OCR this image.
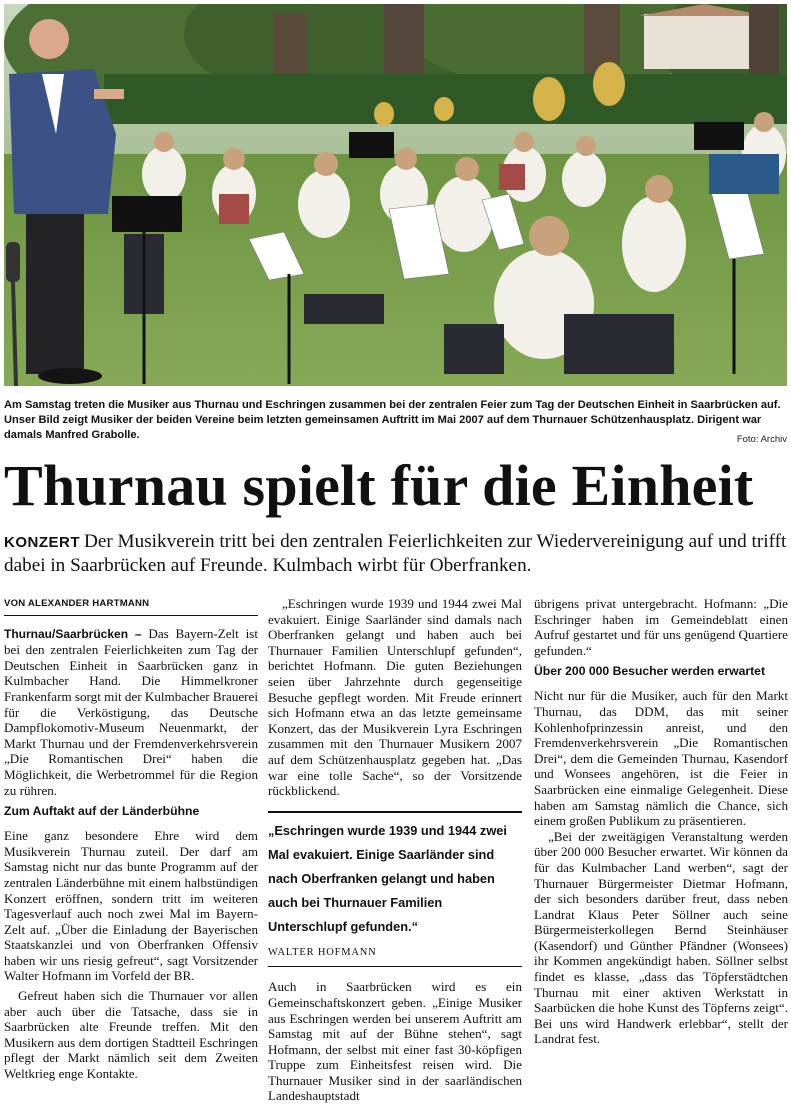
Am Samstag treten die Musiker aus Thurnau und Eschringen zusammen bei der zentralen Feier zum Tag der Deutschen Einheit in Saarbrücken auf. Unser Bild zeigt Musiker der beiden Vereine beim letzten gemeinsamen Auftritt im Mai 2007 auf dem Thurnauer Schützenhausplatz. Dirigent war damals Manfred Grabolle.	Foto: Archiv
Thurnau spielt für die Einheit
KONZERT Der Musikverein tritt bei den zentralen Feierlichkeiten zur Wiedervereinigung auf und trifft dabei in Saarbrücken auf Freunde. Kulmbach wirbt für Oberfranken.
VON ALEXANDER HARTMANN

Thurnau/Saarbrücken – Das Bayern-Zelt ist bei den zentralen Feierlichkeiten zum Tag der Deutschen Einheit in Saarbrücken ganz in Kulmbacher Hand. Die Himmelkroner Frankenfarm sorgt mit der Kulmbacher Brauerei für die Verköstigung, das Deutsche Dampflokomotiv-Museum Neuenmarkt, der Markt Thurnau und der Fremdenverkehrsverein „Die Romantischen Drei“ haben die Möglichkeit, die Werbetrommel für die Region zu rühren.

Zum Auftakt auf der Länderbühne

Eine ganz besondere Ehre wird dem Musikverein Thurnau zuteil. Der darf am Samstag nicht nur das bunte Programm auf der zentralen Länderbühne mit einem halbstündigen Konzert eröffnen, sondern tritt im weiteren Tagesverlauf auch noch zwei Mal im Bayern-Zelt auf. „Über die Einladung der Bayerischen Staatskanzlei und von Oberfranken Offensiv haben wir uns riesig gefreut“, sagt Vorsitzender Walter Hofmann im Vorfeld der BR.

Gefreut haben sich die Thurnauer vor allen aber auch über die Tatsache, dass sie in Saarbrücken alte Freunde treffen. Mit den Musikern aus dem dortigen Stadtteil Eschringen pflegt der Markt nämlich seit dem Zweiten Weltkrieg enge Kontakte.

„Eschringen wurde 1939 und 1944 zwei Mal evakuiert. Einige Saarländer sind damals nach Oberfranken gelangt und haben auch bei Thurnauer Familien Unterschlupf gefunden“, berichtet Hofmann. Die guten Beziehungen seien über Jahrzehnte durch gegenseitige Besuche gepflegt worden. Mit Freude erinnert sich Hofmann etwa an das letzte gemeinsame Konzert, das der Musikverein Lyra Eschringen zusammen mit den Thurnauer Musikern 2007 auf dem Schützenhausplatz gegeben hat. „Das war eine tolle Sache“, so der Vorsitzende rückblickend.

„Eschringen wurde 1939 und 1944 zwei Mal evakuiert. Einige Saarländer sind nach Oberfranken gelangt und haben auch bei Thurnauer Familien Unterschlupf gefunden.“
WALTER HOFMANN

Auch in Saarbrücken wird es ein Gemeinschaftskonzert geben. „Einige Musiker aus Eschringen werden bei unserem Auftritt am Samstag mit auf der Bühne stehen“, sagt Hofmann, der selbst mit einer fast 30-köpfigen Truppe zum Einheitsfest reisen wird. Die Thurnauer Musiker sind in der saarländischen Landeshauptstadt

übrigens privat untergebracht. Hofmann: „Die Eschringer haben im Gemeindeblatt einen Aufruf gestartet und für uns genügend Quartiere gefunden.“

Über 200 000 Besucher werden erwartet

Nicht nur für die Musiker, auch für den Markt Thurnau, das DDM, das mit seiner Kohlenhofprinzessin anreist, und den Fremdenverkehrsverein „Die Romantischen Drei“, dem die Gemeinden Thurnau, Kasendorf und Wonsees angehören, ist die Feier in Saarbrücken eine einmalige Gelegenheit. Diese haben am Samstag nämlich die Chance, sich einem großen Publikum zu präsentieren.

„Bei der zweitägigen Veranstaltung werden über 200 000 Besucher erwartet. Wir können da für das Kulmbacher Land werben“, sagt der Thurnauer Bürgermeister Dietmar Hofmann, der sich besonders darüber freut, dass neben Landrat Klaus Peter Söllner auch seine Bürgermeisterkollegen Bernd Steinhäuser (Kasendorf) und Günther Pfändner (Wonsees) ihr Kommen angekündigt haben. Söllner selbst findet es klasse, „dass das Töpferstädtchen Thurnau mit einer aktiven Werkstatt in Saarbücken die hohe Kunst des Töpferns zeigt“. Bei uns wird Handwerk erlebbar“, stellt der Landrat fest.
